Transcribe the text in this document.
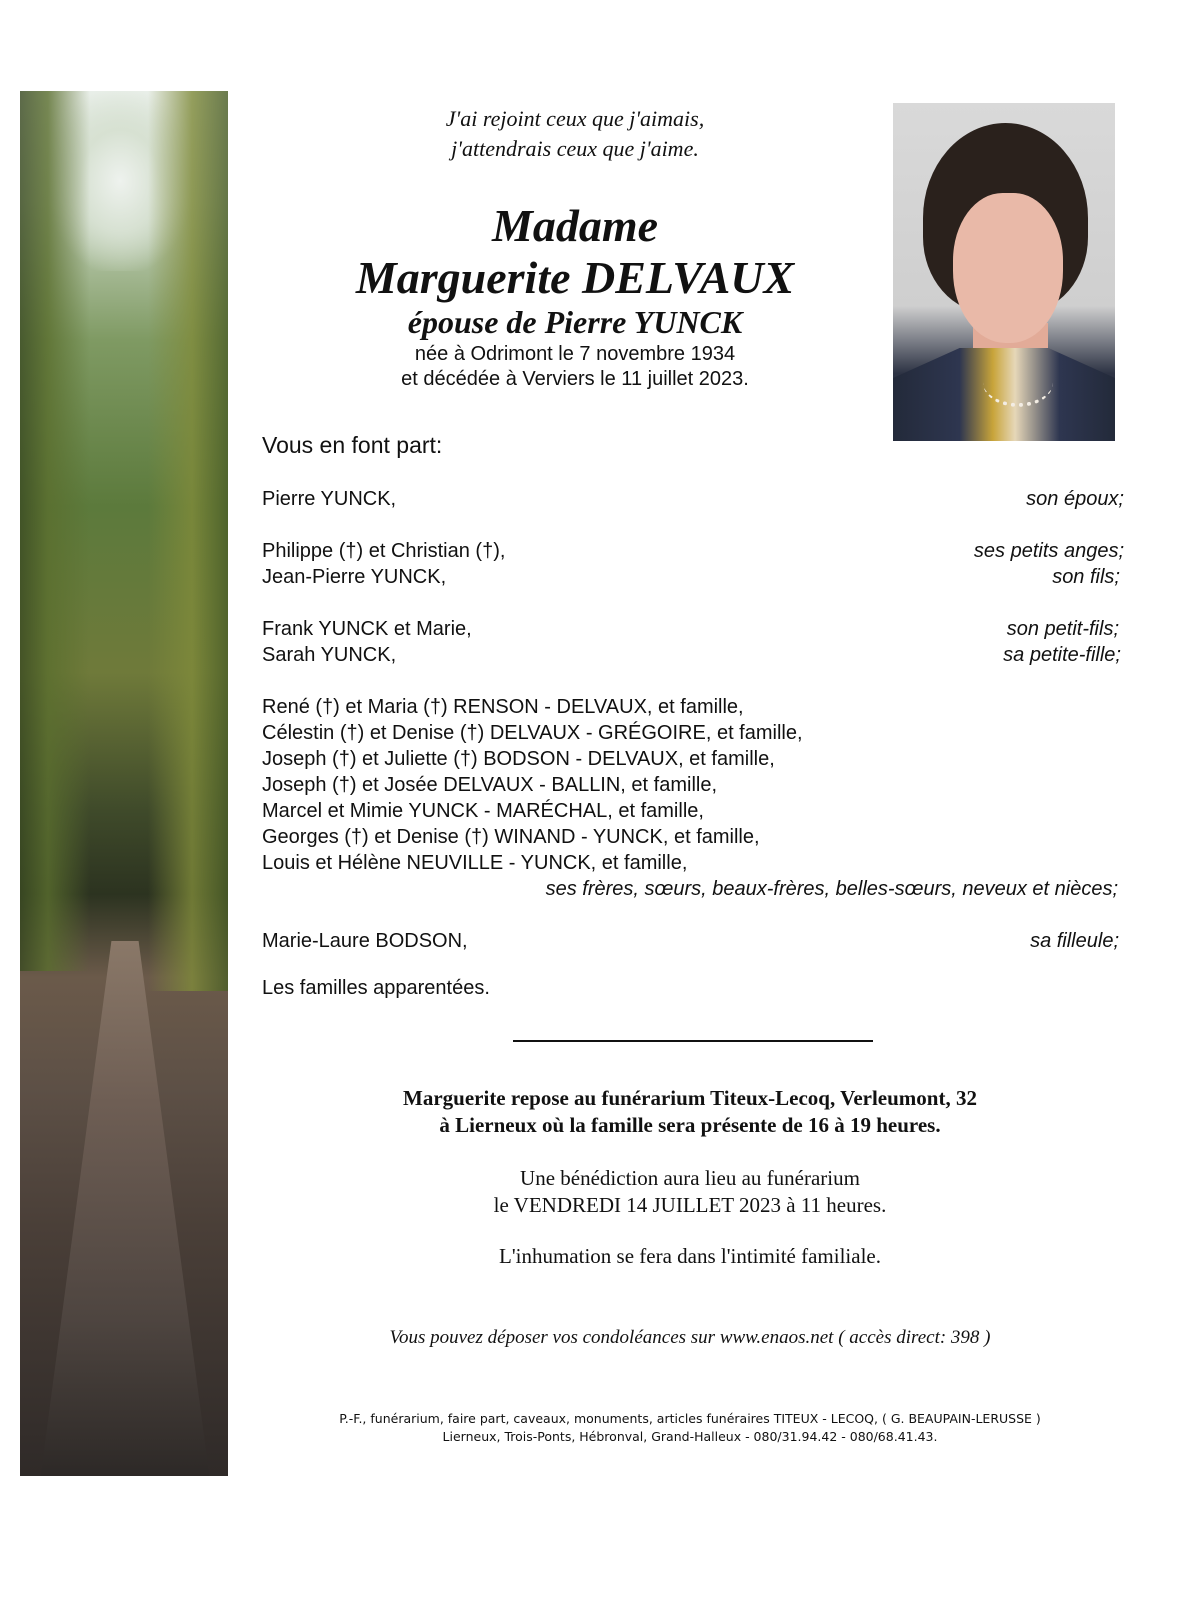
J'ai rejoint ceux que j'aimais,
j'attendrais ceux que j'aime.
Madame
Marguerite DELVAUX
épouse de Pierre YUNCK
née à Odrimont le 7 novembre 1934
et décédée à Verviers le 11 juillet 2023.
Vous en font part:
Pierre YUNCK,	son époux;
Philippe (†) et Christian (†),	ses petits anges;
Jean-Pierre YUNCK,	son fils;
Frank YUNCK et Marie,	son petit-fils;
Sarah YUNCK,	sa petite-fille;
René (†) et Maria (†) RENSON - DELVAUX, et famille,
Célestin (†) et Denise (†) DELVAUX - GRÉGOIRE, et famille,
Joseph (†) et Juliette (†) BODSON - DELVAUX, et famille,
Joseph (†) et Josée DELVAUX - BALLIN, et famille,
Marcel et Mimie YUNCK - MARÉCHAL, et famille,
Georges (†) et Denise (†) WINAND - YUNCK, et famille,
Louis et Hélène NEUVILLE - YUNCK, et famille,
ses frères, sœurs, beaux-frères, belles-sœurs, neveux et nièces;
Marie-Laure BODSON,	sa filleule;
Les familles apparentées.
Marguerite repose au funérarium Titeux-Lecoq, Verleumont, 32
à Lierneux où la famille sera présente de 16 à 19 heures.
Une bénédiction aura lieu au funérarium
le VENDREDI 14 JUILLET 2023 à 11 heures.
L'inhumation se fera dans l'intimité familiale.
Vous pouvez déposer vos condoléances sur www.enaos.net ( accès direct: 398 )
P.-F., funérarium, faire part, caveaux, monuments, articles funéraires TITEUX - LECOQ, ( G. BEAUPAIN-LERUSSE )
Lierneux, Trois-Ponts, Hébronval, Grand-Halleux - 080/31.94.42 - 080/68.41.43.
